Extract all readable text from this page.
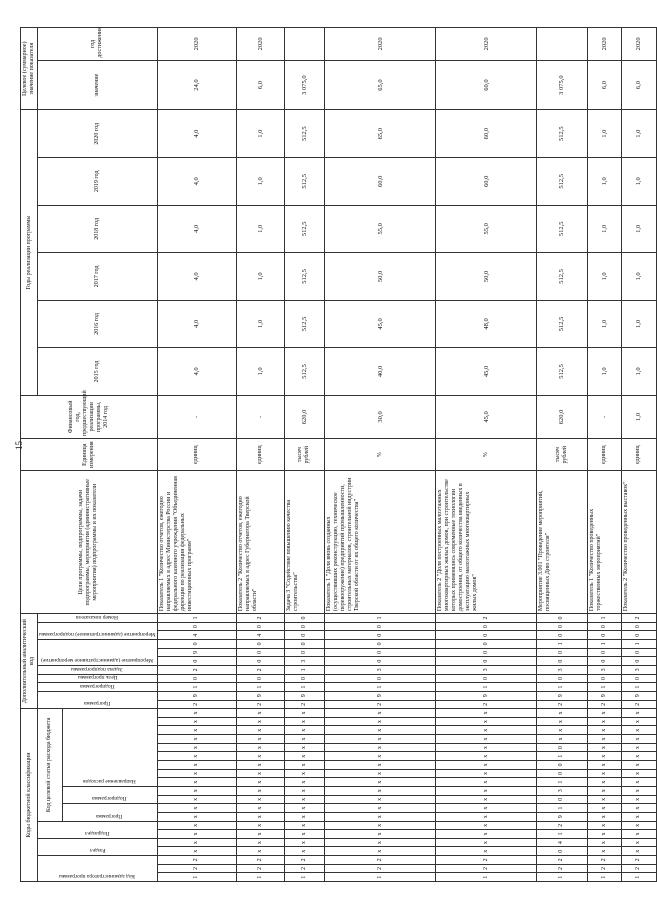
15
Коды бюджетной классификации																				Дополнительный аналитический код											Цели программы, подпрограммы, задачи подпрограммы, мероприятия (административные мероприятия) подпрограммы и их показатели	Единица измерения	Финансовый год, предшествующий реализации программы, 2014 год	Годы реализации программы						Целевое (суммарное) значение показателя	

Код администратора программы			Раздел		Подраздел		Код целевой статьи расхода бюджета													Программа		Подпрограмма	Цель программы	Задача подпрограммы	Мероприятие (административное мероприятие)			Мероприятие (административное) подпрограммы		Номер показателя				2015 год	2016 год	2017 год	2018 год	2019 год	2020 год	значение	год достижения

							Программа		Подпрограмма		Направление расходов																														

1	2	2	x	x	x	x	x	x	x	x	x	x	x	x	x	x	x	x	x	2	9	1	0	2	0	9	0	4	0	1	Показатель 1 "Количество отчетов, ежегодно направляемых в адрес Министерства России и федерального казенного учреждения "Объединенная дирекция по реализации федеральных инвестиционных программ"	единиц	-	4,0	4,0	4,0	4,0	4,0	4,0	24,0	2020
1	2	2	x	x	x	x	x	x	x	x	x	x	x	x	x	x	x	x	x	2	9	1	0	2	0	0	0	4	0	2	Показатель 2 "Количество отчетов, ежегодно направляемых в адрес Губернатора Тверской области"	единиц	-	1,0	1,0	1,0	1,0	1,0	1,0	6,0	2020
1	2	2	x	x	x	x	x	x	x	x	x	x	x	x	x	x	x	x	x	2	9	1	0	1	3	0	0	0	0	0	Задача 3 "Содействие повышению качества строительства"	тысяч рублей	620,0	512,5	512,5	512,5	512,5	512,5	512,5	3 075,0	
1	2	2	x	x	x	x	x	x	x	x	x	x	x	x	x	x	x	x	x	2	9	1	0	3	0	0	0	0	0	1	Показатель 1 "Доля вновь созданных (осуществивших реконструкцию, техническое перевооружение) предприятий промышленности, строительных материалов, строительной индустрии Тверской области от их общего количества"	%	30,0	40,0	45,0	50,0	55,0	60,0	65,0	65,0	2020
1	2	2	x	x	x	x	x	x	x	x	x	x	x	x	x	x	x	x	x	2	9	1	0	3	0	0	0	0	0	2	Показатель 2 "Доля построенных малоэтажных многоквартирных жилых домов, при строительстве которых применялись современные технологии домостроения, от общего количества введенных в эксплуатацию малоэтажных многоквартирных жилых домов"	%	45,0	45,0	48,0	50,0	55,0	60,0	60,0	60,0	2020
1	2	2	0	4	1	2	9	1	0	3	1	0	0	1	0	x	x	x	x	2	9	1	0	3	0	0	1	0	0	0	Мероприятие 3.001 "Проведение мероприятий, посвященных Дню строителя"	тысяч рублей	620,0	512,5	512,5	512,5	512,5	512,5	512,5	3 075,0	
1	2	2	x	x	x	x	x	x	x	x	x	x	x	x	x	x	x	x	x	2	9	1	0	3	0	0	1	0	0	1	Показатель 1 "Количество проведенных торжественных мероприятий"	единиц	-	1,0	1,0	1,0	1,0	1,0	1,0	6,0	2020
1	2	2	x	x	x	x	x	x	x	x	x	x	x	x	x	x	x	x	x	2	9	1	0	3	0	0	1	0	0	2	Показатель 2 "Количество проведенных выставок"	единиц	1,0	1,0	1,0	1,0	1,0	1,0	1,0	6,0	2020
